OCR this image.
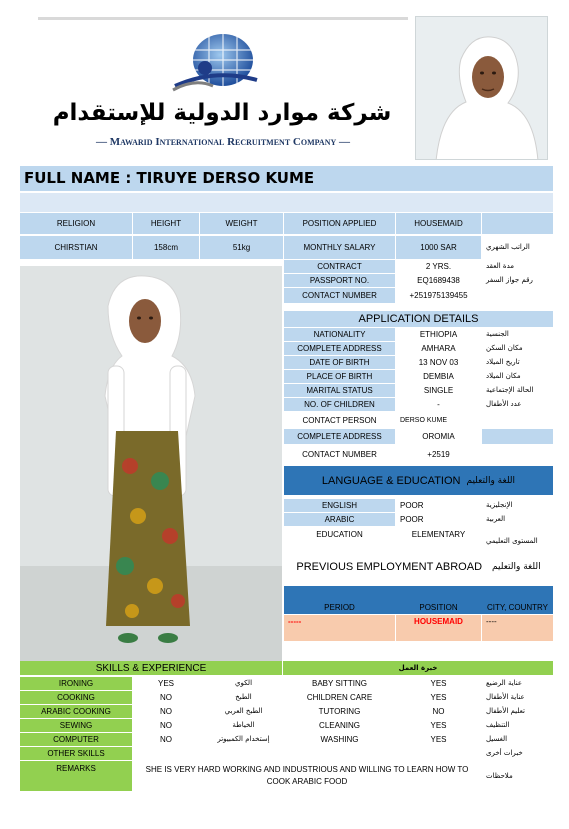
شركة موارد الدولية للإستقدام
— Mawarid International Recruitment Company —
FULL NAME : TIRUYE DERSO KUME
RELIGION	HEIGHT	WEIGHT	POSITION APPLIED	HOUSEMAID
CHIRSTIAN	158cm	51kg	MONTHLY SALARY	1000 SAR	الراتب الشهري
CONTRACT	2 YRS.	مدة العقد
PASSPORT NO.	EQ1689438	رقم جواز السفر
CONTACT NUMBER	+251975139455
APPLICATION DETAILS
NATIONALITY	ETHIOPIA	الجنسية
COMPLETE ADDRESS	AMHARA	مكان السكن
DATE OF BIRTH	13 NOV 03	تاريخ الميلاد
PLACE OF BIRTH	DEMBIA	مكان الميلاد
MARITAL STATUS	SINGLE	الحالة الإجتماعية
NO. OF CHILDREN	-	عدد الأطفال
CONTACT PERSON	DERSO KUME
COMPLETE ADDRESS	OROMIA
CONTACT NUMBER	+2519
LANGUAGE & EDUCATION اللغة والتعليم
ENGLISH	POOR	الإنجليزية
ARABIC	POOR	العربية
EDUCATION	ELEMENTARY
المستوى التعليمي
PREVIOUS EMPLOYMENT ABROAD اللغة والتعليم
PERIOD	POSITION	CITY, COUNTRY
-----	HOUSEMAID	----
SKILLS & EXPERIENCE	خبرة العمل
IRONING	YES	الكوي	BABY SITTING	YES	عناية الرضيع
COOKING	NO	الطبخ	CHILDREN CARE	YES	عناية الأطفال
ARABIC COOKING	NO	الطبخ العربي	TUTORING	NO	تعليم الأطفال
SEWING	NO	الخياطة	CLEANING	YES	التنظيف
COMPUTER	NO	إستخدام الكمبيوتر	WASHING	YES	الغسيل
OTHER SKILLS	خبرات أخرى
REMARKS	SHE IS VERY HARD WORKING AND INDUSTRIOUS AND WILLING TO LEARN HOW TO COOK ARABIC FOOD
ملاحظات
